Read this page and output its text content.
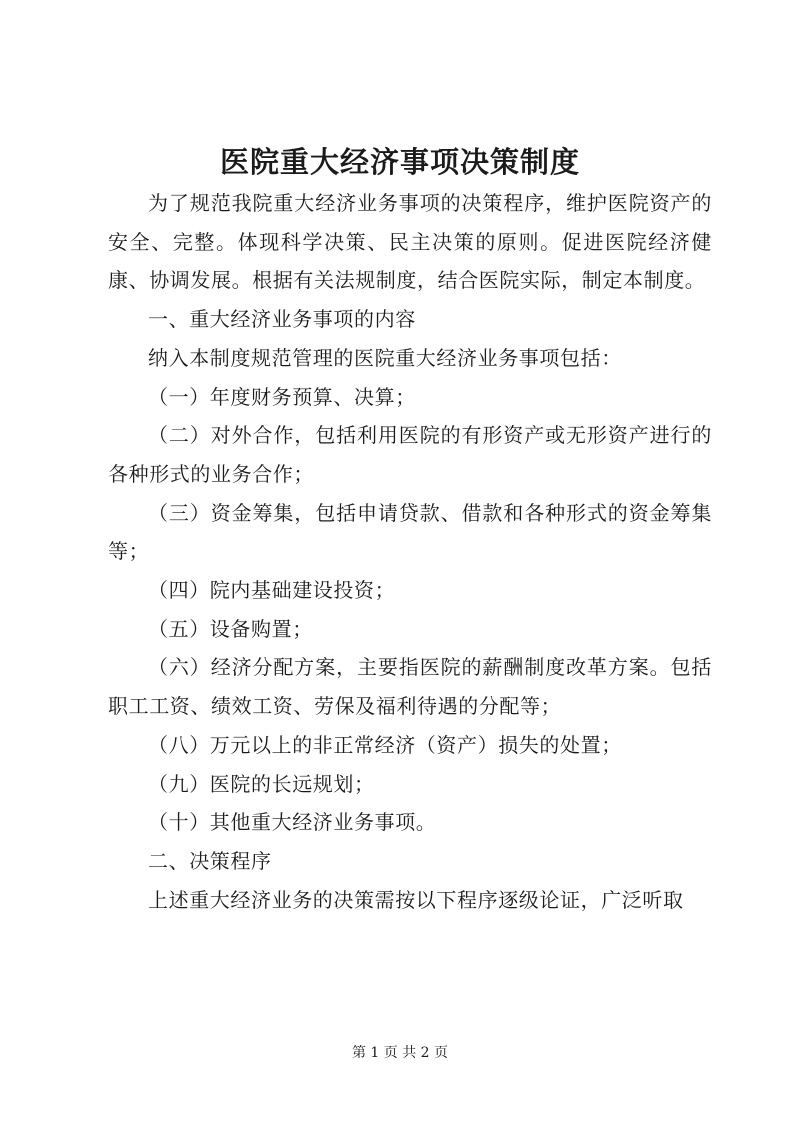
医院重大经济事项决策制度

为了规范我院重大经济业务事项的决策程序，维护医院资产的安全、完整。体现科学决策、民主决策的原则。促进医院经济健康、协调发展。根据有关法规制度，结合医院实际，制定本制度。

一、重大经济业务事项的内容

纳入本制度规范管理的医院重大经济业务事项包括：

（一）年度财务预算、决算；

（二）对外合作，包括利用医院的有形资产或无形资产进行的各种形式的业务合作；

（三）资金筹集，包括申请贷款、借款和各种形式的资金筹集等；

（四）院内基础建设投资；

（五）设备购置；

（六）经济分配方案，主要指医院的薪酬制度改革方案。包括职工工资、绩效工资、劳保及福利待遇的分配等；

（八）万元以上的非正常经济（资产）损失的处置；

（九）医院的长远规划；

（十）其他重大经济业务事项。

二、决策程序

上述重大经济业务的决策需按以下程序逐级论证，广泛听取

第 1 页 共 2 页
